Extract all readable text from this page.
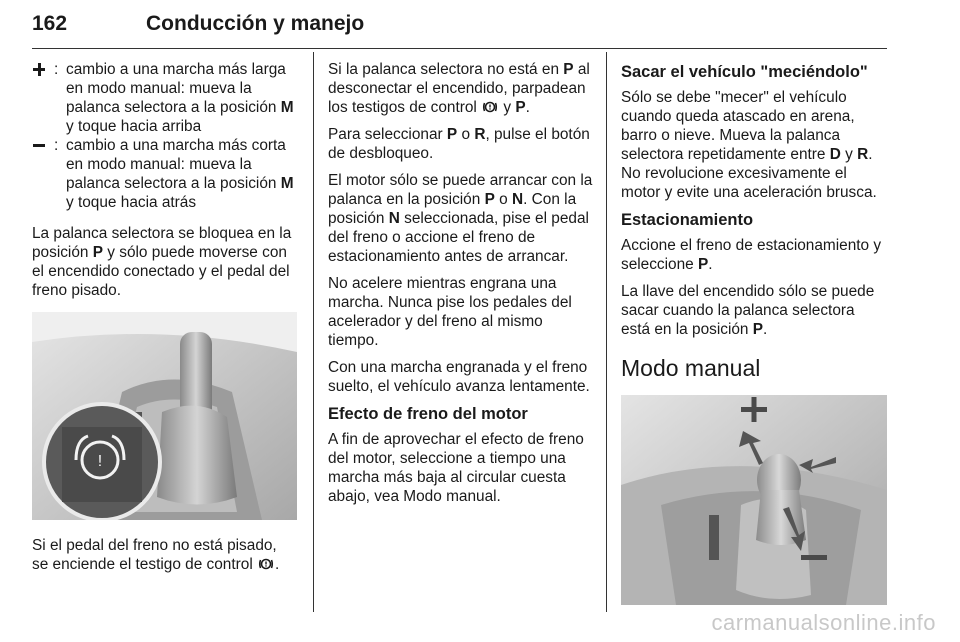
162	Conducción y manejo
: cambio a una marcha más larga en modo manual: mueva la palanca selectora a la posición M y toque hacia arriba
: cambio a una marcha más corta en modo manual: mueva la palanca selectora a la posición M y toque hacia atrás

La palanca selectora se bloquea en la posición P y sólo puede moverse con el encendido conectado y el pedal del freno pisado.

!

Si el pedal del freno no está pisado, se enciende el testigo de control .

Si la palanca selectora no está en P al desconectar el encendido, parpadean los testigos de control  y P.

Para seleccionar P o R, pulse el botón de desbloqueo.

El motor sólo se puede arrancar con la palanca en la posición P o N. Con la posición N seleccionada, pise el pedal del freno o accione el freno de estacionamiento antes de arrancar.

No acelere mientras engrana una marcha. Nunca pise los pedales del acelerador y del freno al mismo tiempo.

Con una marcha engranada y el freno suelto, el vehículo avanza lentamente.

Efecto de freno del motor

A fin de aprovechar el efecto de freno del motor, seleccione a tiempo una marcha más baja al circular cuesta abajo, vea Modo manual.

Sacar el vehículo "meciéndolo"

Sólo se debe "mecer" el vehículo cuando queda atascado en arena, barro o nieve. Mueva la palanca selectora repetidamente entre D y R. No revolucione excesivamente el motor y evite una aceleración brusca.

Estacionamiento

Accione el freno de estacionamiento y seleccione P.

La llave del encendido sólo se puede sacar cuando la palanca selectora está en la posición P.

Modo manual
carmanualsonline.info
